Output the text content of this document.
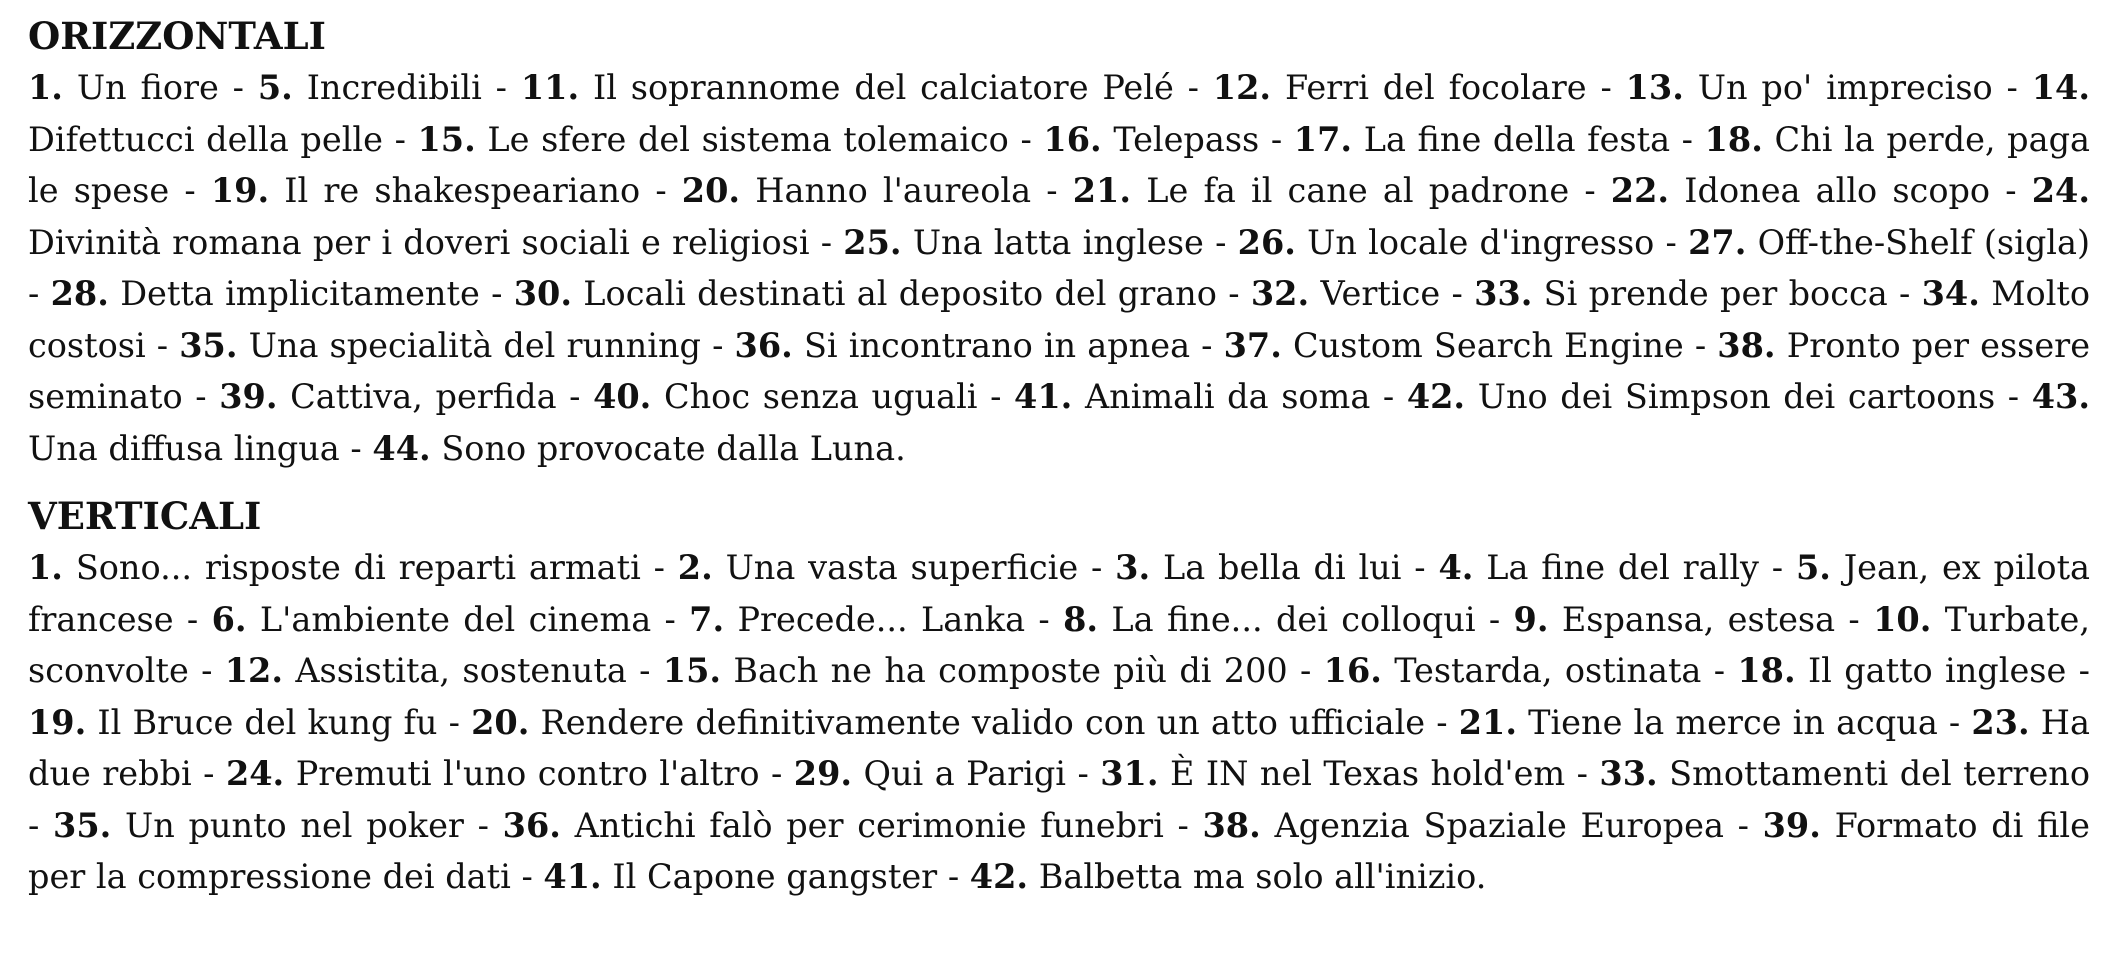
ORIZZONTALI

1. Un fiore - 5. Incredibili - 11. Il soprannome del calciatore Pelé - 12. Ferri del focolare - 13. Un po' impreciso - 14. Difettucci della pelle - 15. Le sfere del sistema tolemaico - 16. Telepass - 17. La fine della festa - 18. Chi la perde, paga le spese - 19. Il re shakespeariano - 20. Hanno l'aureola - 21. Le fa il cane al padrone - 22. Idonea allo scopo - 24. Divinità romana per i doveri sociali e religiosi - 25. Una latta inglese - 26. Un locale d'ingresso - 27. Off-the-Shelf (sigla) - 28. Detta implicitamente - 30. Locali destinati al deposito del grano - 32. Vertice - 33. Si prende per bocca - 34. Molto costosi - 35. Una specialità del running - 36. Si incontrano in apnea - 37. Custom Search Engine - 38. Pronto per essere seminato - 39. Cattiva, perfida - 40. Choc senza uguali - 41. Animali da soma - 42. Uno dei Simpson dei cartoons - 43. Una diffusa lingua - 44. Sono provocate dalla Luna.

VERTICALI

1. Sono... risposte di reparti armati - 2. Una vasta superficie - 3. La bella di lui - 4. La fine del rally - 5. Jean, ex pilota francese - 6. L'ambiente del cinema - 7. Precede... Lanka - 8. La fine... dei colloqui - 9. Espansa, estesa - 10. Turbate, sconvolte - 12. Assistita, sostenuta - 15. Bach ne ha composte più di 200 - 16. Testarda, ostinata - 18. Il gatto inglese - 19. Il Bruce del kung fu - 20. Rendere definitivamente valido con un atto ufficiale - 21. Tiene la merce in acqua - 23. Ha due rebbi - 24. Premuti l'uno contro l'altro - 29. Qui a Parigi - 31. È IN nel Texas hold'em - 33. Smottamenti del terreno - 35. Un punto nel poker - 36. Antichi falò per cerimonie funebri - 38. Agenzia Spaziale Europea - 39. Formato di file per la compressione dei dati - 41. Il Capone gangster - 42. Balbetta ma solo all'inizio.
